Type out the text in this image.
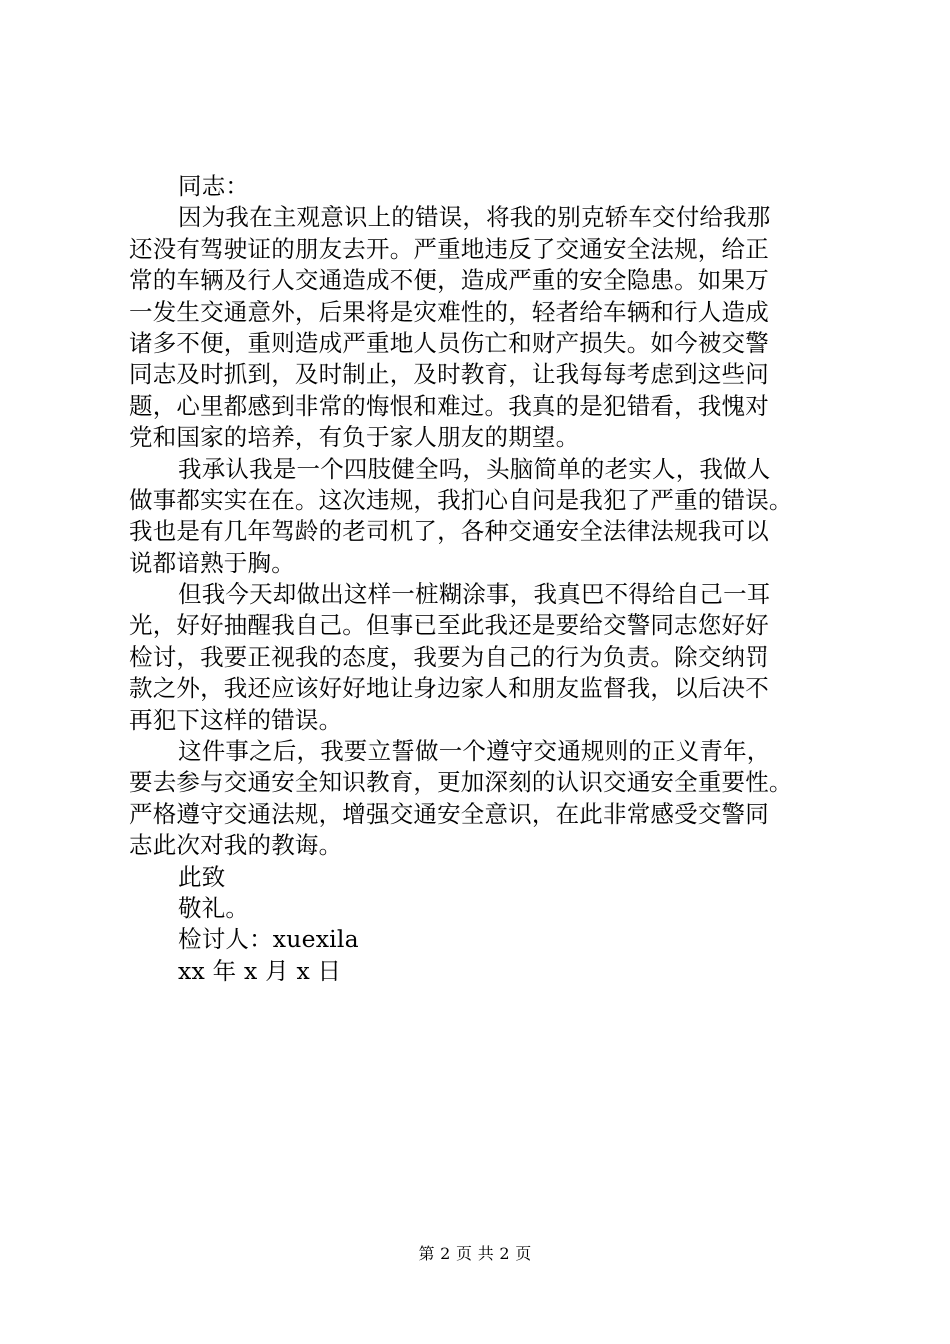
同志：
因为我在主观意识上的错误，将我的别克轿车交付给我那
还没有驾驶证的朋友去开。严重地违反了交通安全法规，给正
常的车辆及行人交通造成不便，造成严重的安全隐患。如果万
一发生交通意外，后果将是灾难性的，轻者给车辆和行人造成
诸多不便，重则造成严重地人员伤亡和财产损失。如今被交警
同志及时抓到，及时制止，及时教育，让我每每考虑到这些问
题，心里都感到非常的悔恨和难过。我真的是犯错看，我愧对
党和国家的培养，有负于家人朋友的期望。
我承认我是一个四肢健全吗，头脑简单的老实人，我做人
做事都实实在在。这次违规，我扪心自问是我犯了严重的错误。
我也是有几年驾龄的老司机了，各种交通安全法律法规我可以
说都谙熟于胸。
但我今天却做出这样一桩糊涂事，我真巴不得给自己一耳
光，好好抽醒我自己。但事已至此我还是要给交警同志您好好
检讨，我要正视我的态度，我要为自己的行为负责。除交纳罚
款之外，我还应该好好地让身边家人和朋友监督我，以后决不
再犯下这样的错误。
这件事之后，我要立誓做一个遵守交通规则的正义青年，
要去参与交通安全知识教育，更加深刻的认识交通安全重要性。
严格遵守交通法规，增强交通安全意识，在此非常感受交警同
志此次对我的教诲。
此致
敬礼。
检讨人：xuexila
xx 年 x 月 x 日
第 2 页 共 2 页
